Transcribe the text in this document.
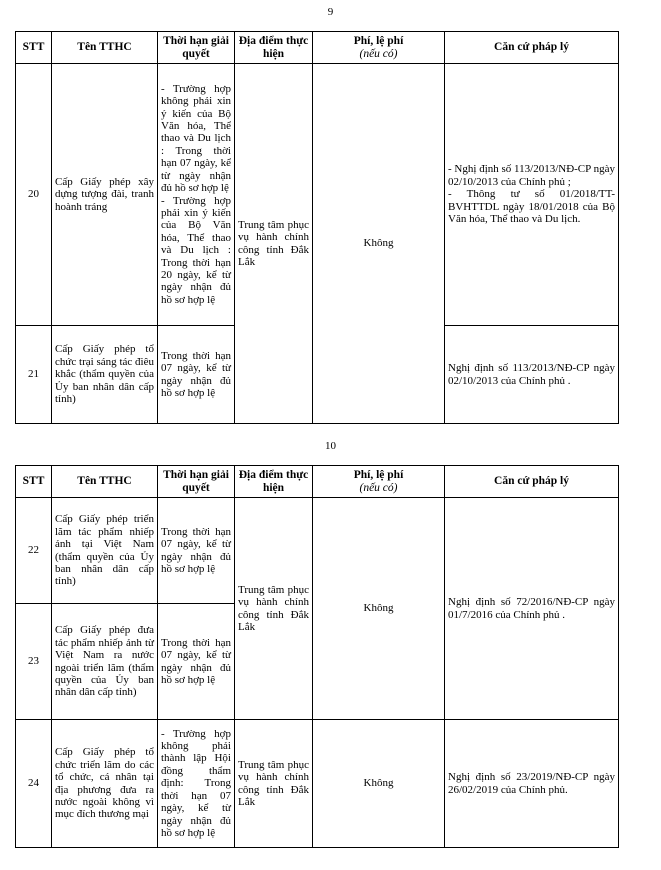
9
STT	Tên TTHC	Thời hạn giải quyết	Địa điểm thực hiện	Phí, lệ phí
(nếu có)	Căn cứ pháp lý
20	Cấp Giấy phép xây dựng tượng đài, tranh hoành tráng	- Trường hợp không phải xin ý kiến của Bộ Văn hóa, Thể thao và Du lịch : Trong thời hạn 07 ngày, kể từ ngày nhận đủ hồ sơ hợp lệ
- Trường hợp phải xin ý kiến của Bộ Văn hóa, Thể thao và Du lịch : Trong thời hạn 20 ngày, kể từ ngày nhận đủ hồ sơ hợp lệ	Trung tâm phục vụ hành chính công tỉnh Đắk Lắk	Không	- Nghị định số 113/2013/NĐ-CP ngày 02/10/2013 của Chính phủ ;
- Thông tư số 01/2018/TT-BVHTTDL ngày 18/01/2018 của Bộ Văn hóa, Thể thao và Du lịch.
21	Cấp Giấy phép tổ chức trại sáng tác điêu khắc (thẩm quyền của Ủy ban nhân dân cấp tỉnh)	Trong thời hạn 07 ngày, kể từ ngày nhận đủ hồ sơ hợp lệ			Nghị định số 113/2013/NĐ-CP ngày 02/10/2013 của Chính phủ .
10
STT	Tên TTHC	Thời hạn giải quyết	Địa điểm thực hiện	Phí, lệ phí
(nếu có)	Căn cứ pháp lý
22	Cấp Giấy phép triển lãm tác phẩm nhiếp ảnh tại Việt Nam (thẩm quyền của Ủy ban nhân dân cấp tỉnh)	Trong thời hạn 07 ngày, kể từ ngày nhận đủ hồ sơ hợp lệ	Trung tâm phục vụ hành chính công tỉnh Đắk Lắk	Không	Nghị định số 72/2016/NĐ-CP ngày 01/7/2016 của Chính phủ .
23	Cấp Giấy phép đưa tác phẩm nhiếp ảnh từ Việt Nam ra nước ngoài triển lãm (thẩm quyền của Ủy ban nhân dân cấp tỉnh)	Trong thời hạn 07 ngày, kể từ ngày nhận đủ hồ sơ hợp lệ			
24	Cấp Giấy phép tổ chức triển lãm do các tổ chức, cá nhân tại địa phương đưa ra nước ngoài không vì mục đích thương mại	- Trường hợp không phải thành lập Hội đồng thẩm định: Trong thời hạn 07 ngày, kể từ ngày nhận đủ hồ sơ hợp lệ	Trung tâm phục vụ hành chính công tỉnh Đắk Lắk	Không	Nghị định số 23/2019/NĐ-CP ngày 26/02/2019 của Chính phủ.
